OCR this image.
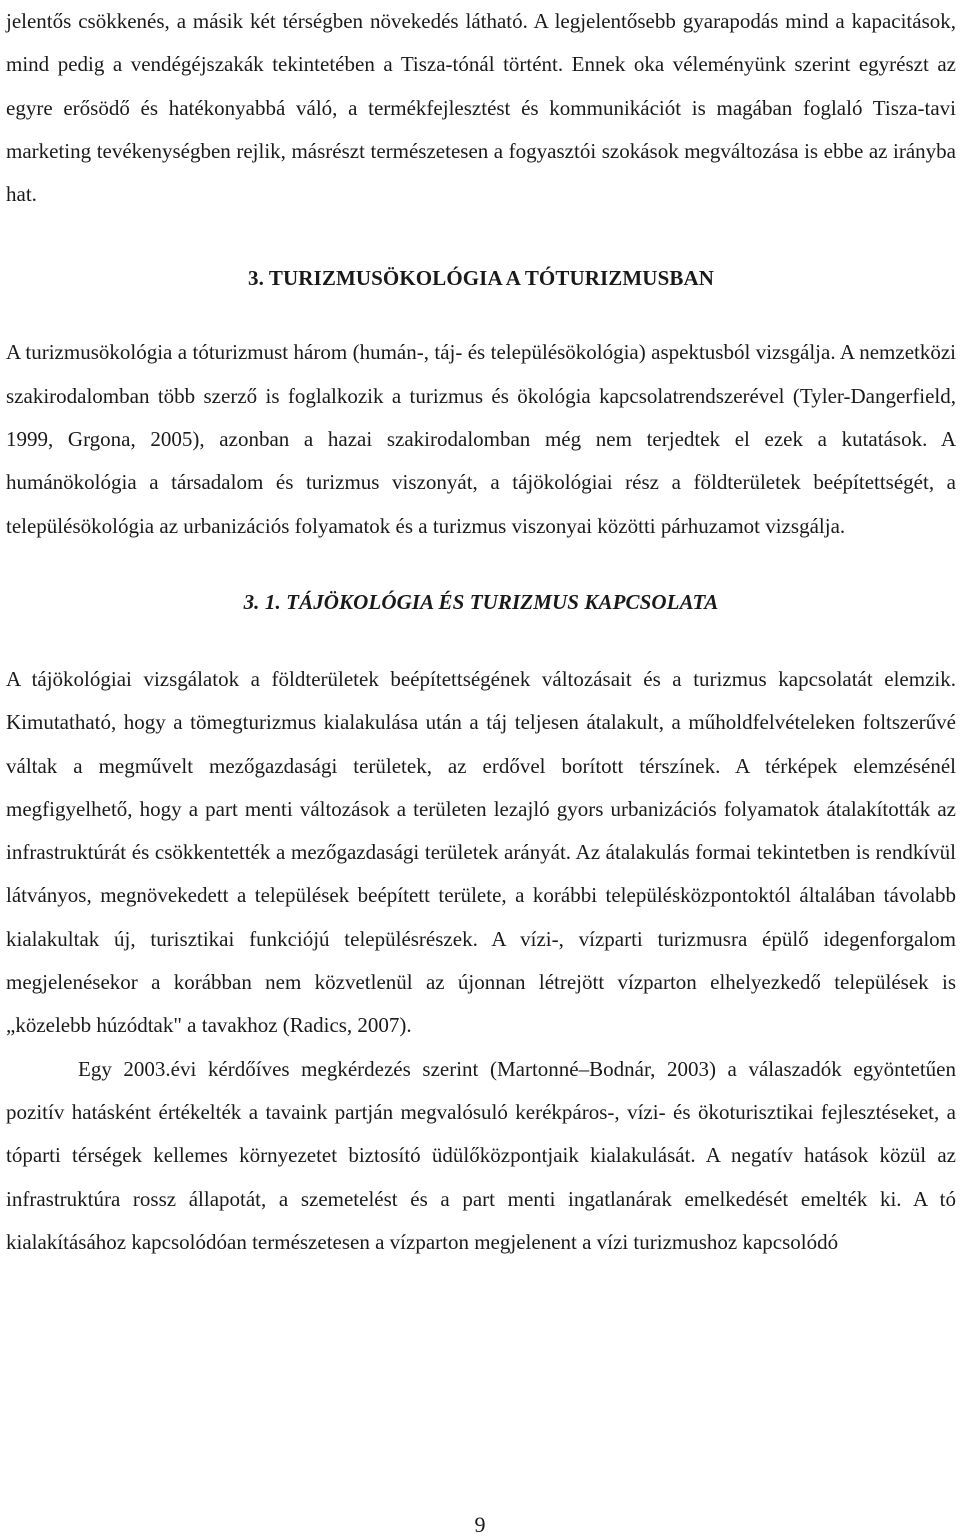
jelentős csökkenés, a másik két térségben növekedés látható. A legjelentősebb gyarapodás mind a kapacitások, mind pedig a vendégéjszakák tekintetében a Tisza-tónál történt. Ennek oka véleményünk szerint egyrészt az egyre erősödő és hatékonyabbá váló, a termékfejlesztést és kommunikációt is magában foglaló Tisza-tavi marketing tevékenységben rejlik, másrészt természetesen a fogyasztói szokások megváltozása is ebbe az irányba hat.

3. TURIZMUSÖKOLÓGIA A TÓTURIZMUSBAN

A turizmusökológia a tóturizmust három (humán-, táj- és településökológia) aspektusból vizsgálja. A nemzetközi szakirodalomban több szerző is foglalkozik a turizmus és ökológia kapcsolatrendszerével (Tyler-Dangerfield, 1999, Grgona, 2005), azonban a hazai szakirodalomban még nem terjedtek el ezek a kutatások. A humánökológia a társadalom és turizmus viszonyát, a tájökológiai rész a földterületek beépítettségét, a településökológia az urbanizációs folyamatok és a turizmus viszonyai közötti párhuzamot vizsgálja.

3. 1. TÁJÖKOLÓGIA ÉS TURIZMUS KAPCSOLATA

A tájökológiai vizsgálatok a földterületek beépítettségének változásait és a turizmus kapcsolatát elemzik. Kimutatható, hogy a tömegturizmus kialakulása után a táj teljesen átalakult, a műholdfelvételeken foltszerűvé váltak a megművelt mezőgazdasági területek, az erdővel borított térszínek. A térképek elemzésénél megfigyelhető, hogy a part menti változások a területen lezajló gyors urbanizációs folyamatok átalakították az infrastruktúrát és csökkentették a mezőgazdasági területek arányát. Az átalakulás formai tekintetben is rendkívül látványos, megnövekedett a települések beépített területe, a korábbi településközpontoktól általában távolabb kialakultak új, turisztikai funkciójú településrészek. A vízi-, vízparti turizmusra épülő idegenforgalom megjelenésekor a korábban nem közvetlenül az újonnan létrejött vízparton elhelyezkedő települések is „közelebb húzódtak" a tavakhoz (Radics, 2007).

Egy 2003.évi kérdőíves megkérdezés szerint (Martonné–Bodnár, 2003) a válaszadók egyöntetűen pozitív hatásként értékelték a tavaink partján megvalósuló kerékpáros-, vízi- és ökoturisztikai fejlesztéseket, a tóparti térségek kellemes környezetet biztosító üdülőközpontjaik kialakulását. A negatív hatások közül az infrastruktúra rossz állapotát, a szemetelést és a part menti ingatlanárak emelkedését emelték ki. A tó kialakításához kapcsolódóan természetesen a vízparton megjelenent a vízi turizmushoz kapcsolódó

9
